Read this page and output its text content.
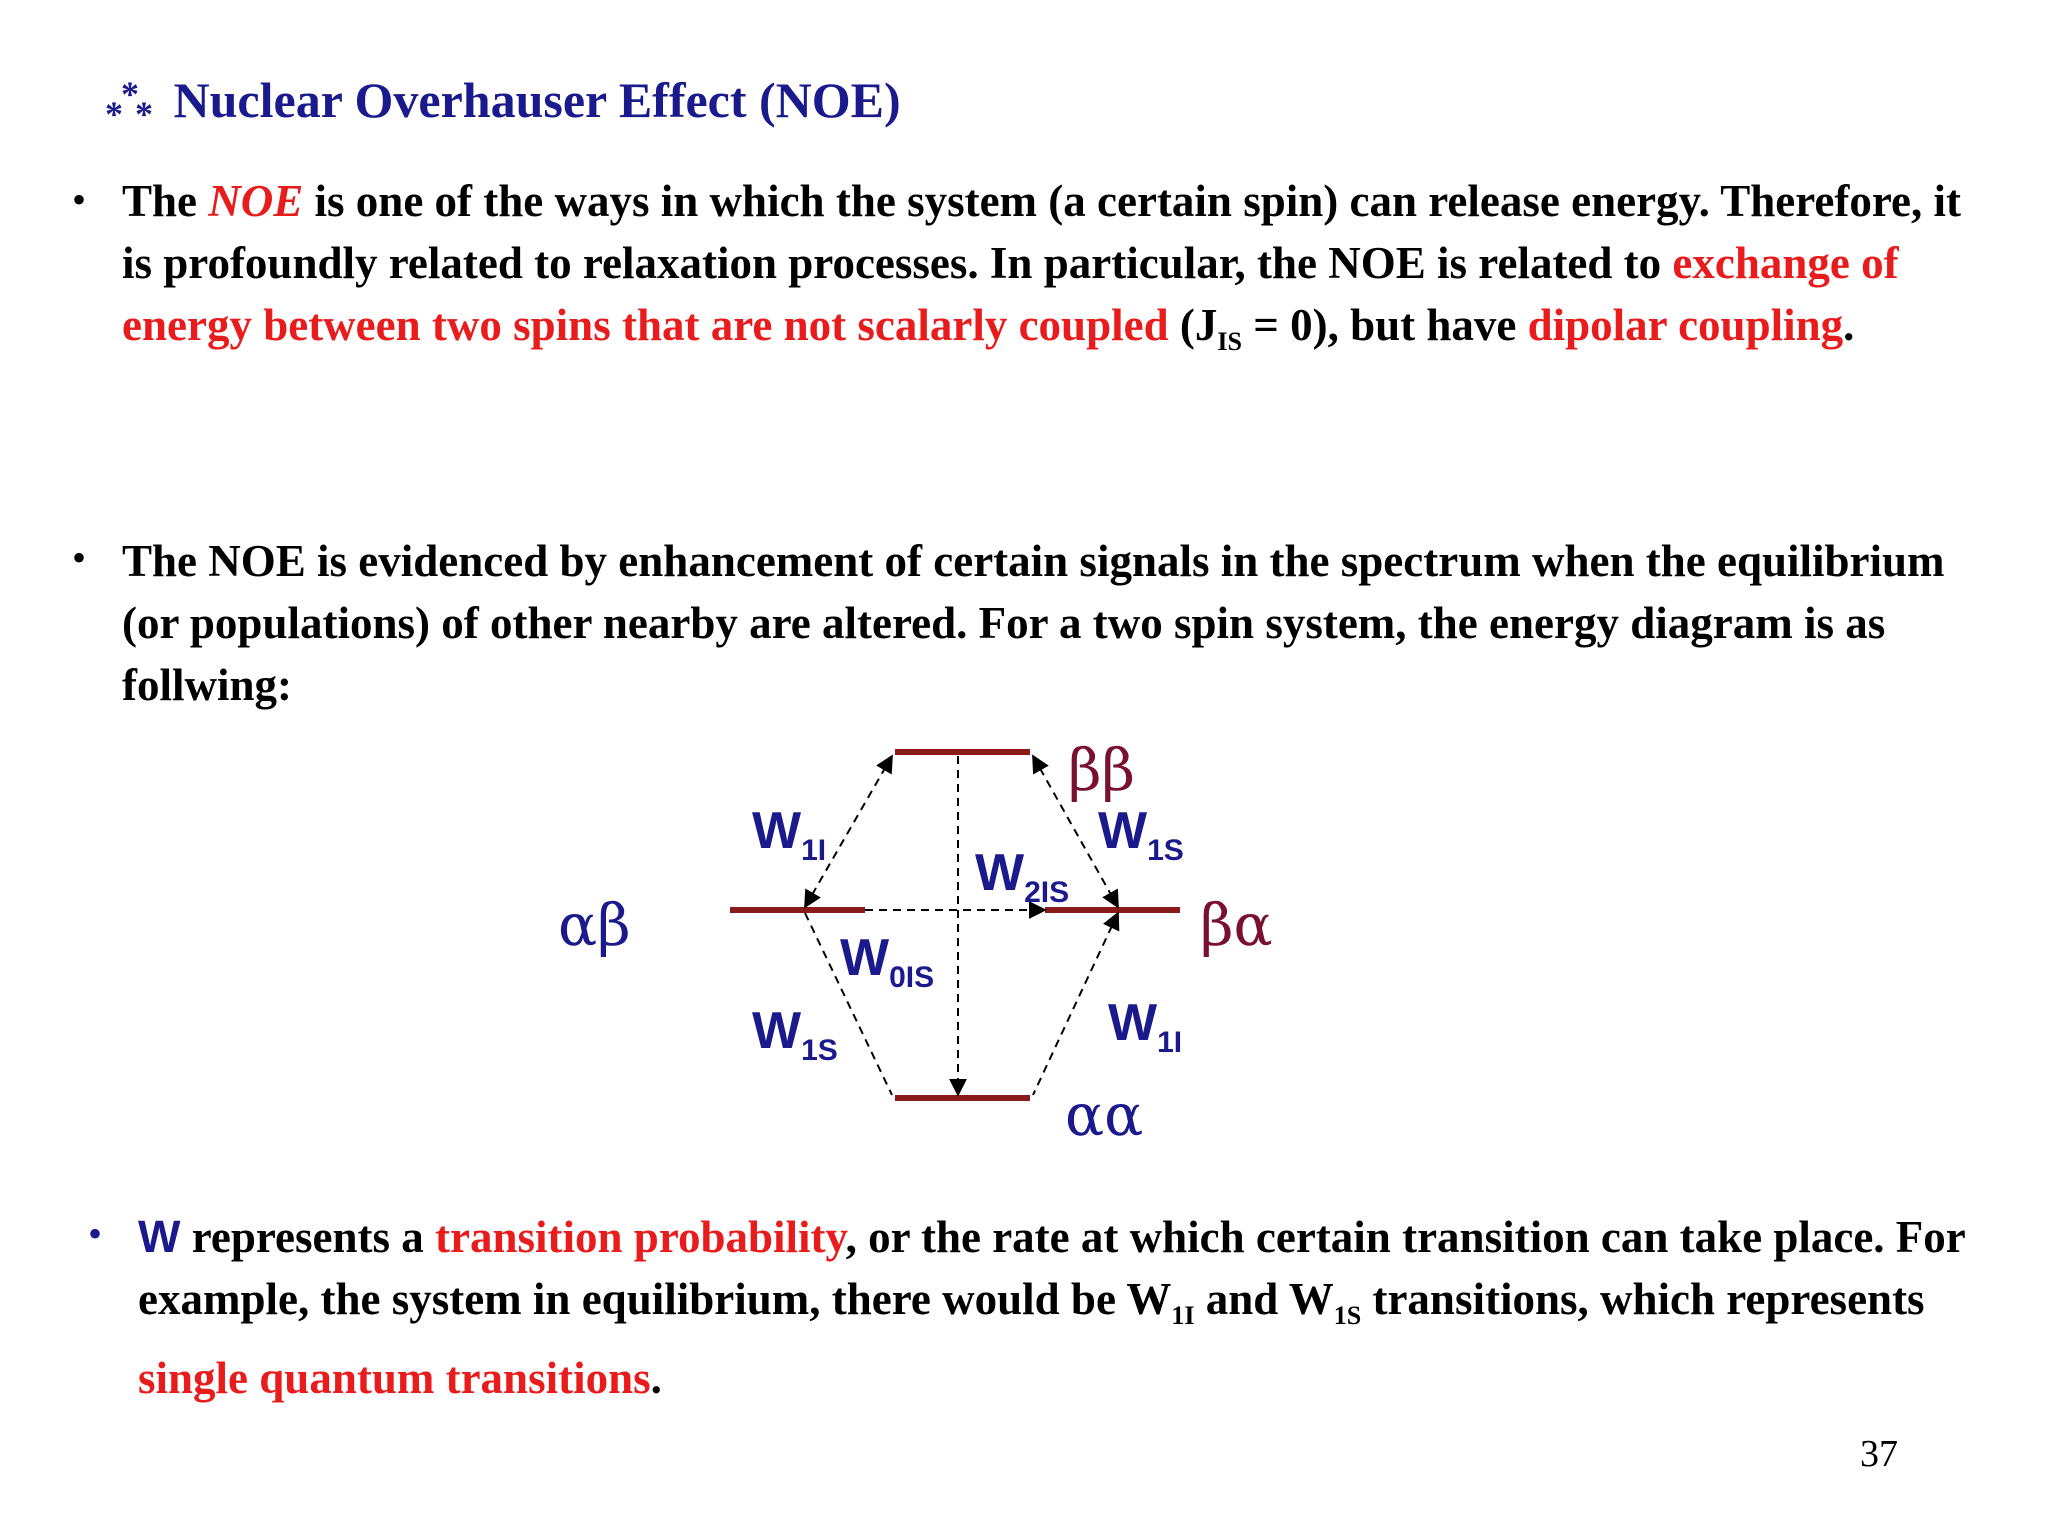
*
* * Nuclear Overhauser Effect (NOE)
• The NOE is one of the ways in which the system (a certain spin) can release energy. Therefore, it is profoundly related to relaxation processes. In particular, the NOE is related to exchange of energy between two spins that are not scalarly coupled $(J_{IS} = 0)$, but have dipolar coupling.
• The NOE is evidenced by enhancement of certain signals in the spectrum when the equilibrium (or populations) of other nearby are altered. For a two spin system, the energy diagram is as follwing:
ββ
αβ	βα
αα
$W_{1I}$	$W_{1S}$
$W_{2IS}$
$W_{0IS}$
$W_{1S}$	$W_{1I}$
• W represents a transition probability, or the rate at which certain transition can take place. For example, the system in equilibrium, there would be $W_{1I}$ and $W_{1S}$ transitions, which represents single quantum transitions.
37
